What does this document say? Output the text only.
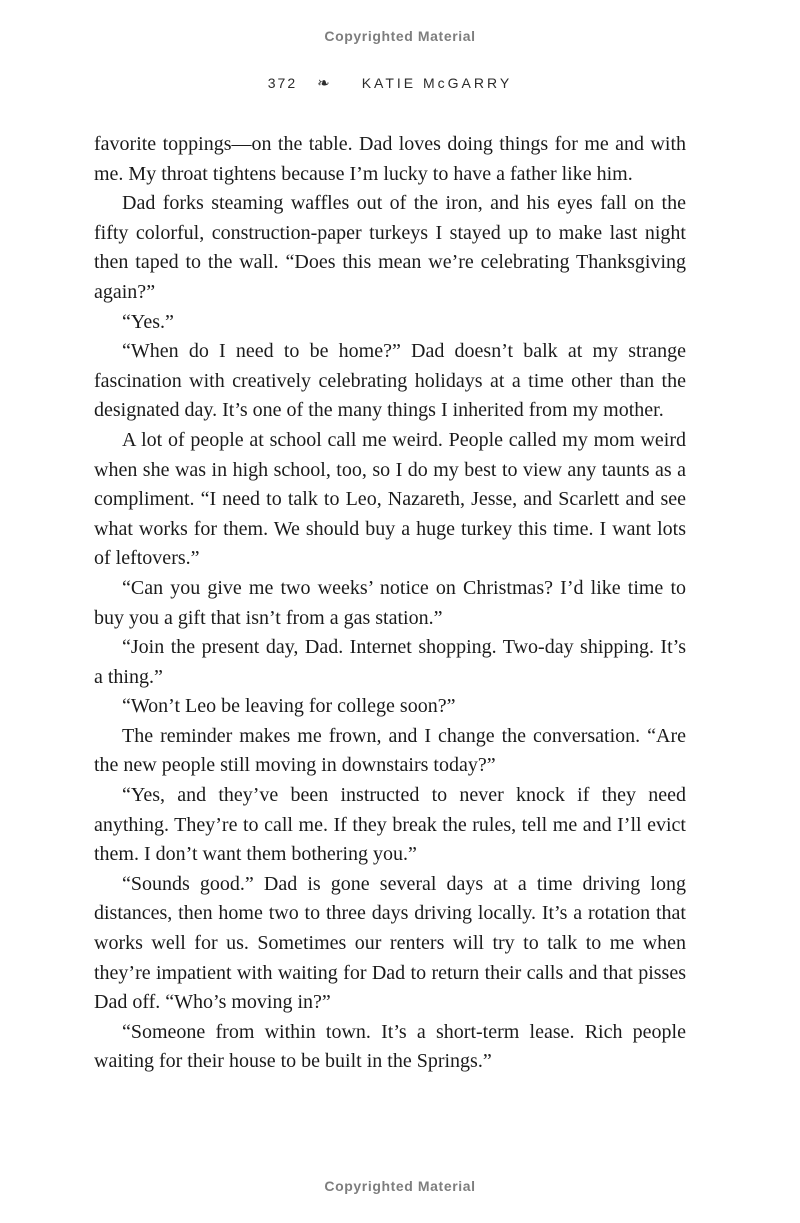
Copyrighted Material
372 ❧ KATIE McGARRY

favorite toppings—on the table. Dad loves doing things for me and with me. My throat tightens because I’m lucky to have a father like him.

Dad forks steaming waffles out of the iron, and his eyes fall on the fifty colorful, construction-paper turkeys I stayed up to make last night then taped to the wall. “Does this mean we’re celebrating Thanksgiving again?”

“Yes.”

“When do I need to be home?” Dad doesn’t balk at my strange fascination with creatively celebrating holidays at a time other than the designated day. It’s one of the many things I inherited from my mother.

A lot of people at school call me weird. People called my mom weird when she was in high school, too, so I do my best to view any taunts as a compliment. “I need to talk to Leo, Nazareth, Jesse, and Scarlett and see what works for them. We should buy a huge turkey this time. I want lots of leftovers.”

“Can you give me two weeks’ notice on Christmas? I’d like time to buy you a gift that isn’t from a gas station.”

“Join the present day, Dad. Internet shopping. Two-day shipping. It’s a thing.”

“Won’t Leo be leaving for college soon?”

The reminder makes me frown, and I change the conversation. “Are the new people still moving in downstairs today?”

“Yes, and they’ve been instructed to never knock if they need anything. They’re to call me. If they break the rules, tell me and I’ll evict them. I don’t want them bothering you.”

“Sounds good.” Dad is gone several days at a time driving long distances, then home two to three days driving locally. It’s a rotation that works well for us. Sometimes our renters will try to talk to me when they’re impatient with waiting for Dad to return their calls and that pisses Dad off. “Who’s moving in?”

“Someone from within town. It’s a short-term lease. Rich people waiting for their house to be built in the Springs.”

Copyrighted Material
